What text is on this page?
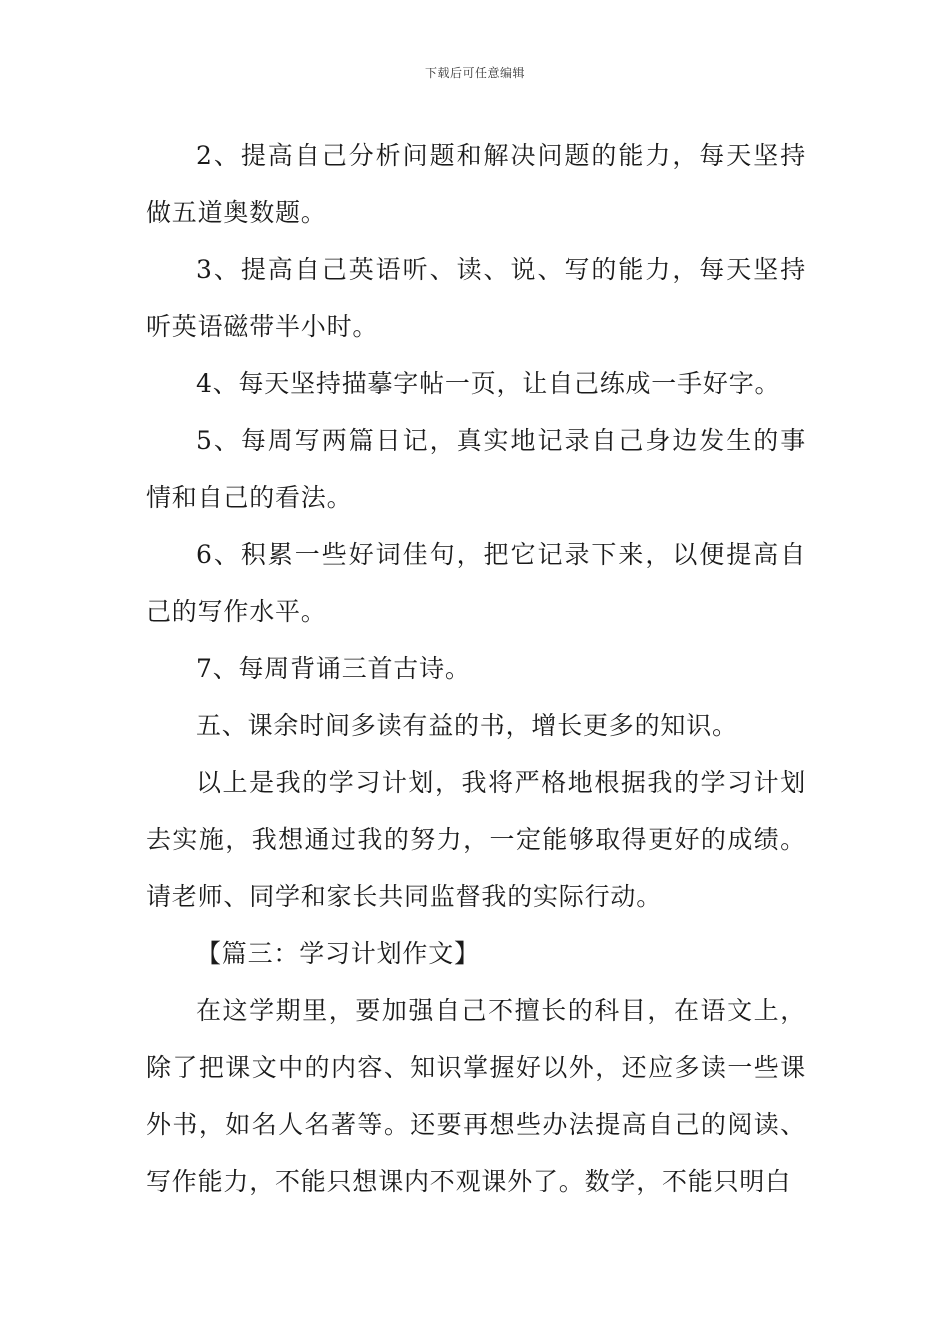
下载后可任意编辑

2、提高自己分析问题和解决问题的能力，每天坚持做五道奥数题。

3、提高自己英语听、读、说、写的能力，每天坚持听英语磁带半小时。

4、每天坚持描摹字帖一页，让自己练成一手好字。

5、每周写两篇日记，真实地记录自己身边发生的事情和自己的看法。

6、积累一些好词佳句，把它记录下来，以便提高自己的写作水平。

7、每周背诵三首古诗。

五、课余时间多读有益的书，增长更多的知识。

以上是我的学习计划，我将严格地根据我的学习计划去实施，我想通过我的努力，一定能够取得更好的成绩。请老师、同学和家长共同监督我的实际行动。

【篇三：学习计划作文】

在这学期里，要加强自己不擅长的科目，在语文上，除了把课文中的内容、知识掌握好以外，还应多读一些课外书，如名人名著等。还要再想些办法提高自己的阅读、写作能力，不能只想课内不观课外了。数学，不能只明白
